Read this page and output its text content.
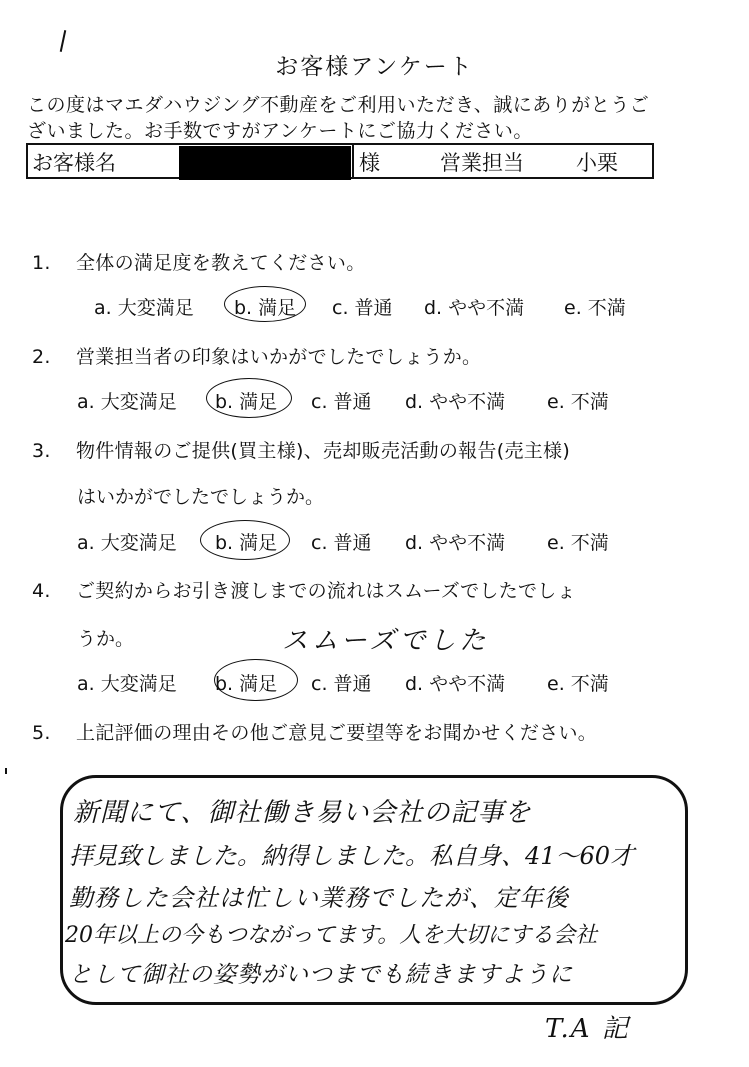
お客様アンケート
この度はマエダハウジング不動産をご利用いただき、誠にありがとうご
ざいました。お手数ですがアンケートにご協力ください。
お客様名	様	営業担当 小栗
1. 全体の満足度を教えてください。
a. 大変満足 b. 満足 c. 普通 d. やや不満 e. 不満
2. 営業担当者の印象はいかがでしたでしょうか。
a. 大変満足 b. 満足 c. 普通 d. やや不満 e. 不満
3. 物件情報のご提供(買主様)、売却販売活動の報告(売主様)
はいかがでしたでしょうか。
a. 大変満足 b. 満足 c. 普通 d. やや不満 e. 不満
4. ご契約からお引き渡しまでの流れはスムーズでしたでしょ
うか。	スムーズでした
a. 大変満足 b. 満足 c. 普通 d. やや不満 e. 不満
5. 上記評価の理由その他ご意見ご要望等をお聞かせください。
新聞にて、御社働き易い会社の記事を
拝見致しました。納得しました。私自身、41～60才
勤務した会社は忙しい業務でしたが、定年後
20年以上の今もつながってます。人を大切にする会社
として御社の姿勢がいつまでも続きますように
T.A 記
